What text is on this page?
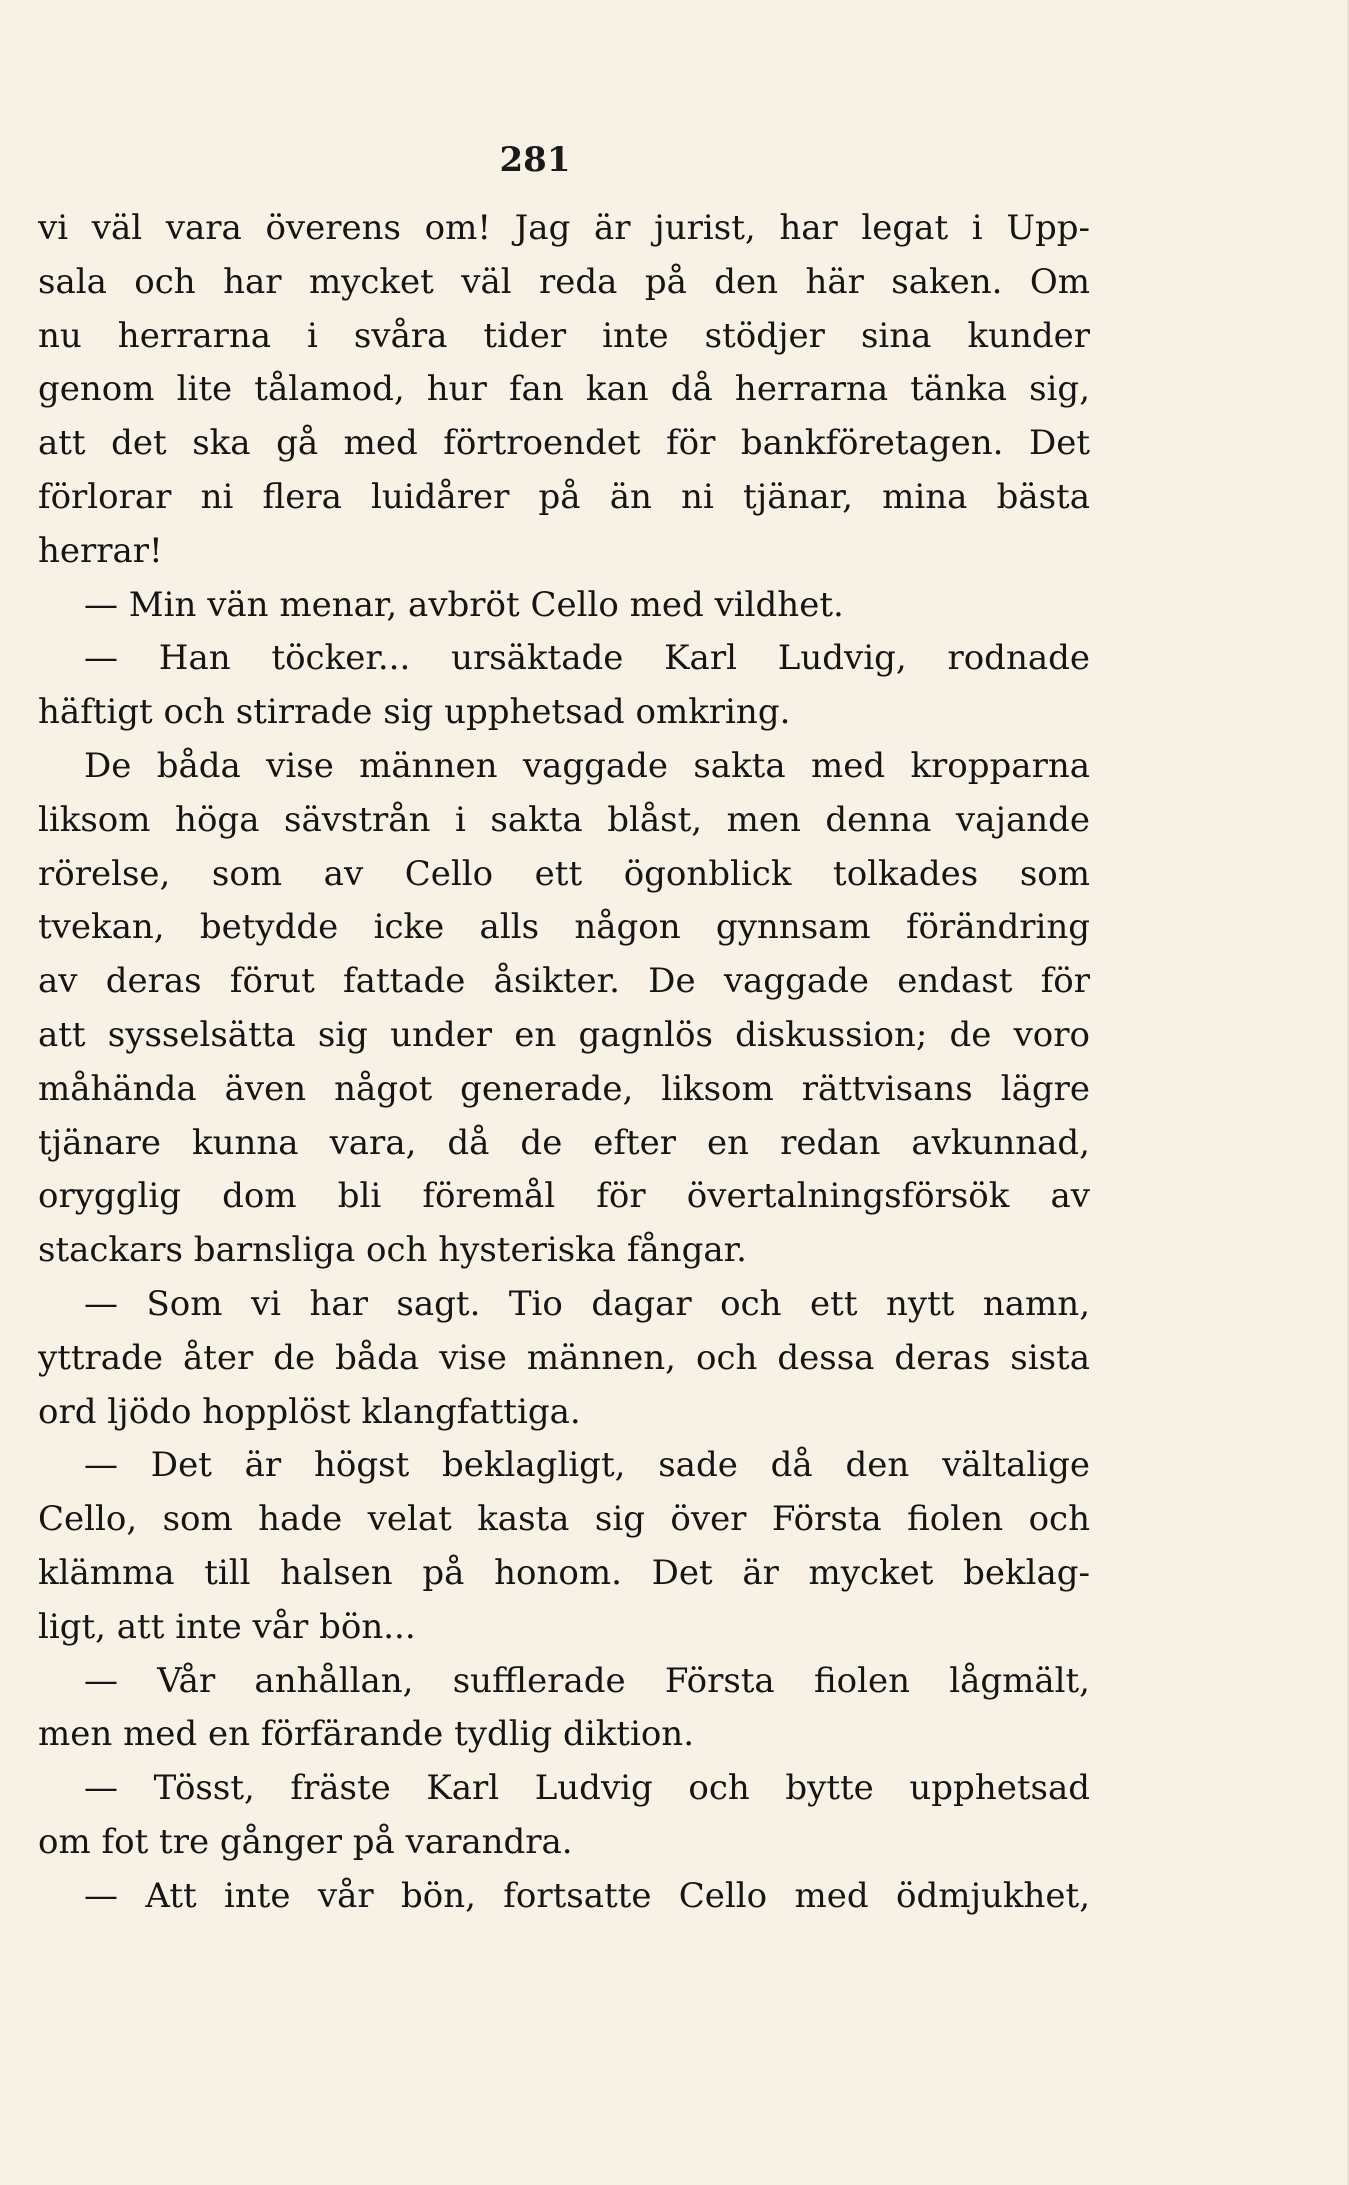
281
vi väl vara överens om! Jag är jurist, har legat i Upp-
sala och har mycket väl reda på den här saken. Om
nu herrarna i svåra tider inte stödjer sina kunder
genom lite tålamod, hur fan kan då herrarna tänka sig,
att det ska gå med förtroendet för bankföretagen. Det
förlorar ni flera luidårer på än ni tjänar, mina bästa
herrar!
— Min vän menar, avbröt Cello med vildhet.
— Han töcker... ursäktade Karl Ludvig, rodnade
häftigt och stirrade sig upphetsad omkring.
De båda vise männen vaggade sakta med kropparna
liksom höga sävstrån i sakta blåst, men denna vajande
rörelse, som av Cello ett ögonblick tolkades som
tvekan, betydde icke alls någon gynnsam förändring
av deras förut fattade åsikter. De vaggade endast för
att sysselsätta sig under en gagnlös diskussion; de voro
måhända även något generade, liksom rättvisans lägre
tjänare kunna vara, då de efter en redan avkunnad,
orygglig dom bli föremål för övertalningsförsök av
stackars barnsliga och hysteriska fångar.
— Som vi har sagt. Tio dagar och ett nytt namn,
yttrade åter de båda vise männen, och dessa deras sista
ord ljödo hopplöst klangfattiga.
— Det är högst beklagligt, sade då den vältalige
Cello, som hade velat kasta sig över Första fiolen och
klämma till halsen på honom. Det är mycket beklag-
ligt, att inte vår bön...
— Vår anhållan, sufflerade Första fiolen lågmält,
men med en förfärande tydlig diktion.
— Tösst, fräste Karl Ludvig och bytte upphetsad
om fot tre gånger på varandra.
— Att inte vår bön, fortsatte Cello med ödmjukhet,
